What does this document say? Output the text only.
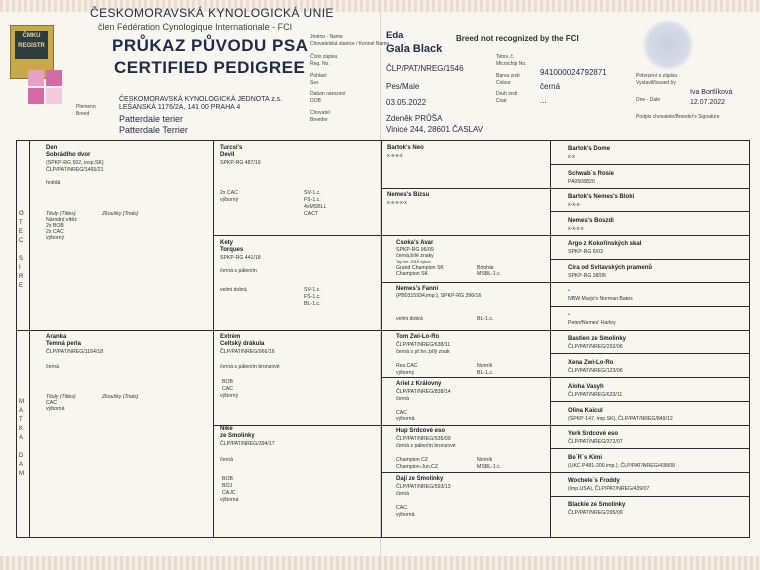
ČMKU REGISTR
ČESKOMORAVSKÁ KYNOLOGICKÁ UNIE
člen Fédération Cynologique Internationale - FCI
PRŮKAZ PŮVODU PSA
CERTIFIED PEDIGREE
ČESKOMORAVSKÁ KYNOLOGICKÁ JEDNOTA z.s.
LEŠANSKÁ 1176/2A, 141 00 PRAHA 4
Plemeno
Breed	Patterdale terier
Patterdale Terrier
Jméno - Name
Chovatelská stanice / Kennel Name
Eda
Gala Black
Breed not recognized by the FCI
Číslo zápisu
Reg. No.	ČLP/PAT/NREG/1546
Tetov. č.
Microchip No.
941000024792871
Pohlaví
Sex	Pes/Male
Barva srsti
Colour	černá
Datum narození
DOB	03.05.2022
Druh srsti
Coat	...
Chovatel
Breeder	Zdeněk PRŮŠA
Vinice 244, 28601 ČASLAV
Potvrzení o zápisu
Vystavil/Issued by
Iva Bortlíková
Dne - Date	12.07.2022
Podpis chovatele/Breeder's Signature
O
T
E
C

S
I
R
E
M
A
T
K
A

D
A
M
Den
Sobrádlho dvor
(SPKP-RG 502, insp.SK)
ČLP/PAT/NREG/1465/21
hnědá
Tituly (Titles)	Zkoušky (Trials)
Národní vítěz
2x BOB
2x CAC
výborný
Turcsi's
Devil
SPKP-RG 487/19
2x CAC
výborný
SV-1.c.
FS-1.c.
4xMSBLL
CACT
Kety
Torques
SPKP-RG 441/18
černá s pálením
velmi dobrá	SV-1.c.
FS-1.c.
BL-1.c.
Bartok's Neo
x-x-x-x
Nemes's Bizsu
x-x-x-x-x
Csoka's Avar
SPKP-RG 96/09
černá,bílé znaky
Top ter. 2010 výkon
Grand Champion SK
Champion SK
Brlohár
MSBL-1.c.
Nemes's Fanni
(PB0315934,imp.), SPKP-RG 396/16
velmi dobrá	BL-1.c.
Bartok's Dome
x-x
Schwab´s Rosie
PA0508820
Bartok's Nemes's Bloki
x-x-x-
Nemes's Boszdi
x-x-x-x
Argo z Kokořínských skal
SPKP-RG 6/03
Cira od Svitavských pramenů
SPKP-RG 38/06
-
NBW Marjo's Norman Bates
-
Peter/Nemes' Harley
Aranka
Temná perla
ČLP/PAT/NREG/1164/18
černá
Tituly (Titles)	Zkoušky (Trials)
CAC
výborná
Extrém
Celtský drákula
ČLP/PAT/NREG/966/16
černá s pálením bronzové
BOB
CAC
výborný
Nike
ze Smolinky
ČLP/PAT/NREG/394/17
černá
BOB
BOJ
CAJC
výborná
Tom Zwi-Lo-Ro
ČLP/PAT/NREG/638/11
černá s př.hn.,bílý znak
Res.CAC
výborný
Norník
BL-1.c.
Ariel z Královny
ČLP/PAT/NREG/838/14
černá
CAC
výborná
Hup Srdcové eso
ČLP/PAT/NREG/535/09
černá s pálením bronzové
Champion CZ
Champion-Jun.CZ
Norník
MSBL-1.c.
Dají ze Smolinky
ČLP/PAT/NREG/593/13
černá
CAC
výborná
Bastien ze Smolinky
ČLP/PAT/NREG/292/06
Xena Zwi-Lo-Ro
ČLP/PAT/NREG/123/06
Aloha Vasyh
ČLP/PAT/NREG/633/11
Olina Kaicul
(SPKP-147, imp.SK), ČLP/PAT/NREG/849/12
Yerk Srdcové eso
ČLP/PAT/NREG/372/07
Be´R´s Kimi
(UKC P481-200 imp.), ČLP/PAT/NREG/438/08
Wochele´s Froddy
(imp.USA), ČLP/PAT/NREG/439/07
Blackie ze Smolinky
ČLP/PAT/NREG/295/09
